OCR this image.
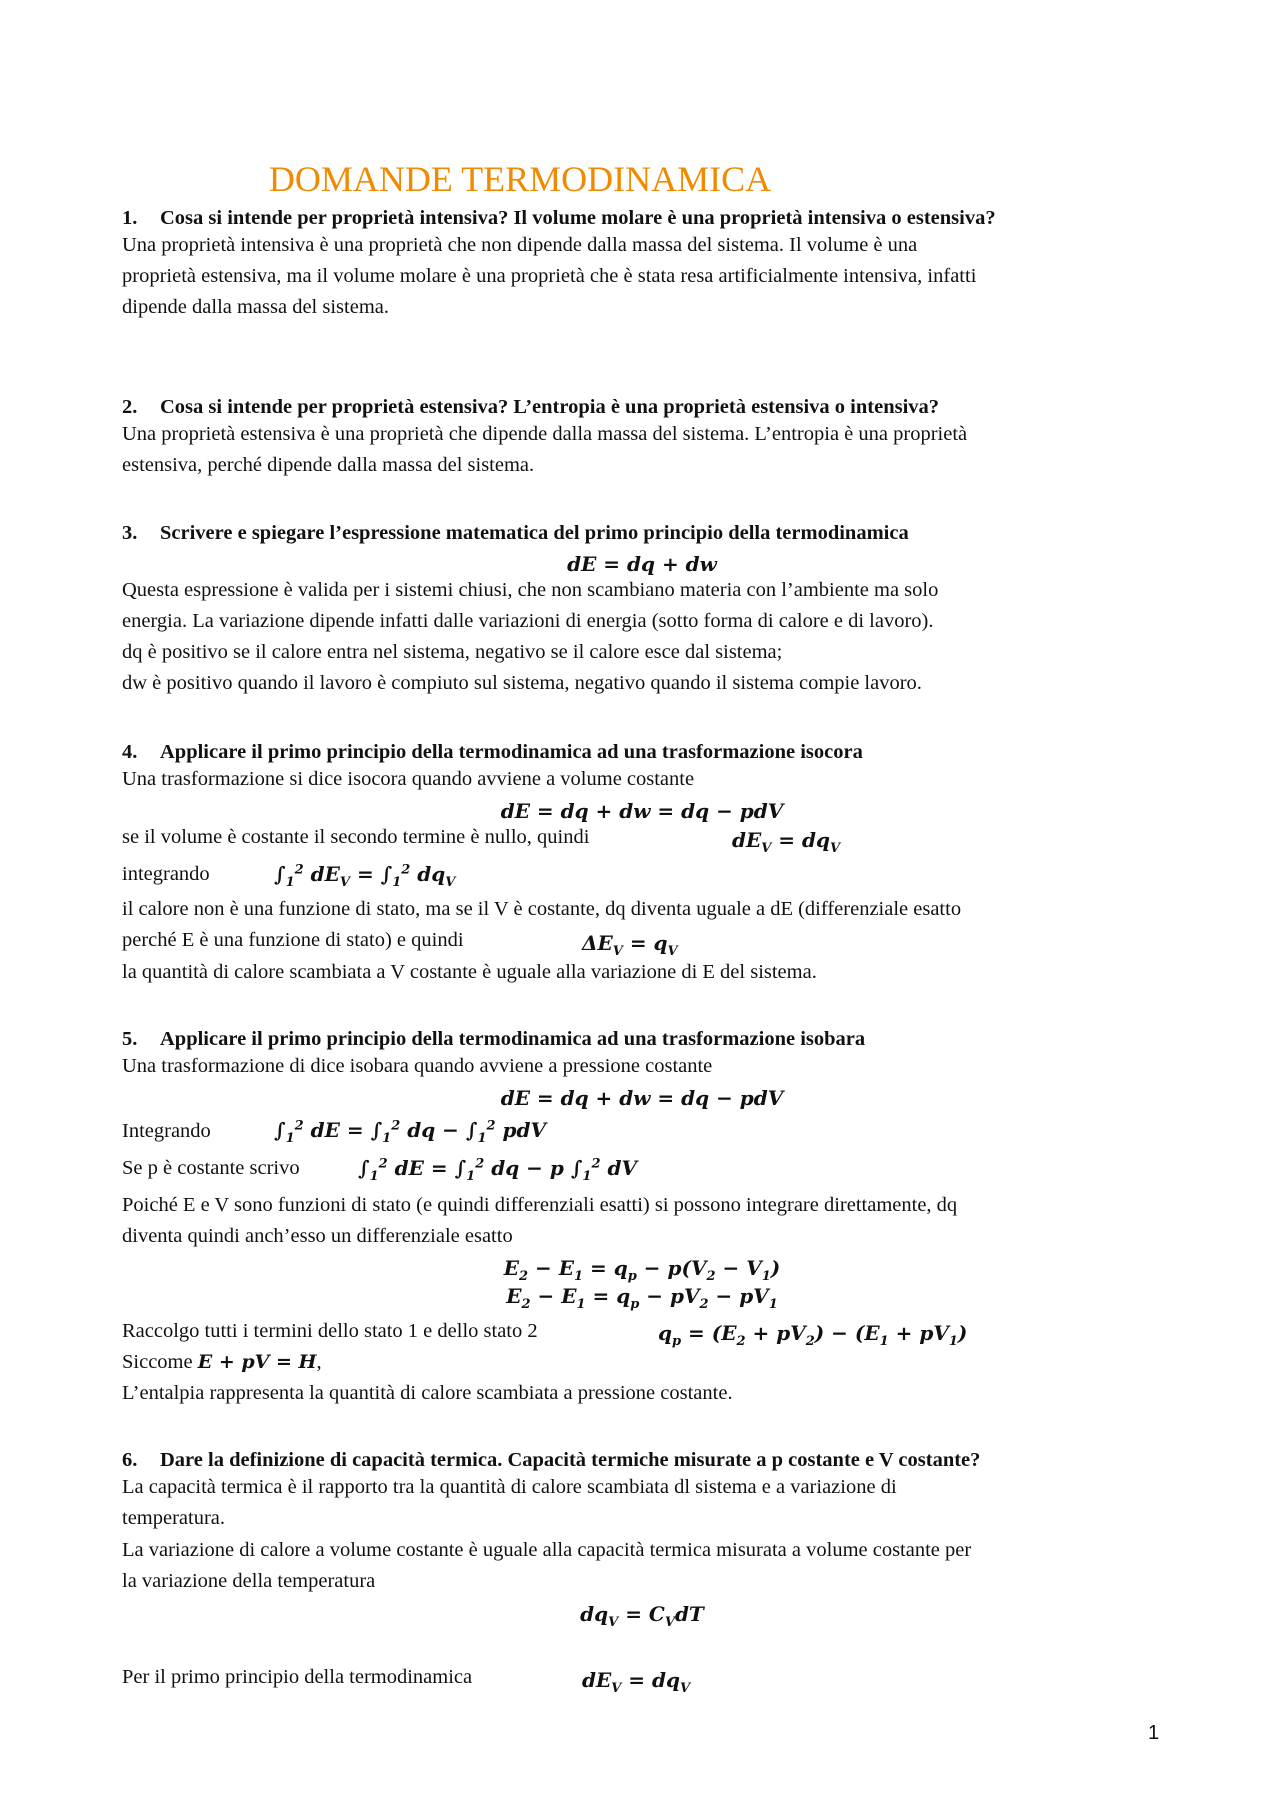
DOMANDE TERMODINAMICA
1. Cosa si intende per proprietà intensiva? Il volume molare è una proprietà intensiva o estensiva?
Una proprietà intensiva è una proprietà che non dipende dalla massa del sistema. Il volume è una
proprietà estensiva, ma il volume molare è una proprietà che è stata resa artificialmente intensiva, infatti
dipende dalla massa del sistema.
2. Cosa si intende per proprietà estensiva? L’entropia è una proprietà estensiva o intensiva?
Una proprietà estensiva è una proprietà che dipende dalla massa del sistema. L’entropia è una proprietà
estensiva, perché dipende dalla massa del sistema.
3. Scrivere e spiegare l’espressione matematica del primo principio della termodinamica
dE = dq + dw
Questa espressione è valida per i sistemi chiusi, che non scambiano materia con l’ambiente ma solo
energia. La variazione dipende infatti dalle variazioni di energia (sotto forma di calore e di lavoro).
dq è positivo se il calore entra nel sistema, negativo se il calore esce dal sistema;
dw è positivo quando il lavoro è compiuto sul sistema, negativo quando il sistema compie lavoro.
4. Applicare il primo principio della termodinamica ad una trasformazione isocora
Una trasformazione si dice isocora quando avviene a volume costante
dE = dq + dw = dq − pdV
se il volume è costante il secondo termine è nullo, quindi	$dE_V = dq_V$
integrando	$\int_1^2$ $dE_V = \int_1^2$ $dq_V$
il calore non è una funzione di stato, ma se il V è costante, dq diventa uguale a dE (differenziale esatto
perché E è una funzione di stato) e quindi	$\Delta E_V = q_V$
la quantità di calore scambiata a V costante è uguale alla variazione di E del sistema.
5. Applicare il primo principio della termodinamica ad una trasformazione isobara
Una trasformazione di dice isobara quando avviene a pressione costante
dE = dq + dw = dq − pdV
Integrando	$\int_1^2$ dE = $\int_1^2$ dq − $\int_1^2$ pdV
Se p è costante scrivo	$\int_1^2$ dE = $\int_1^2$ dq − p $\int_1^2$ dV
Poiché E e V sono funzioni di stato (e quindi differenziali esatti) si possono integrare direttamente, dq
diventa quindi anch’esso un differenziale esatto
$E_2 - E_1 = q_p - p(V_2 - V_1)$
$E_2 - E_1 = q_p - pV_2 - pV_1$
Raccolgo tutti i termini dello stato 1 e dello stato 2	$q_p = (E_2 + pV_2) - (E_1 + pV_1)$
Siccome E + pV = H,
L’entalpia rappresenta la quantità di calore scambiata a pressione costante.
6. Dare la definizione di capacità termica. Capacità termiche misurate a p costante e V costante?
La capacità termica è il rapporto tra la quantità di calore scambiata dl sistema e a variazione di
temperatura.
La variazione di calore a volume costante è uguale alla capacità termica misurata a volume costante per
la variazione della temperatura
$dq_V = C_VdT$
Per il primo principio della termodinamica	$dE_V = dq_V$
1
